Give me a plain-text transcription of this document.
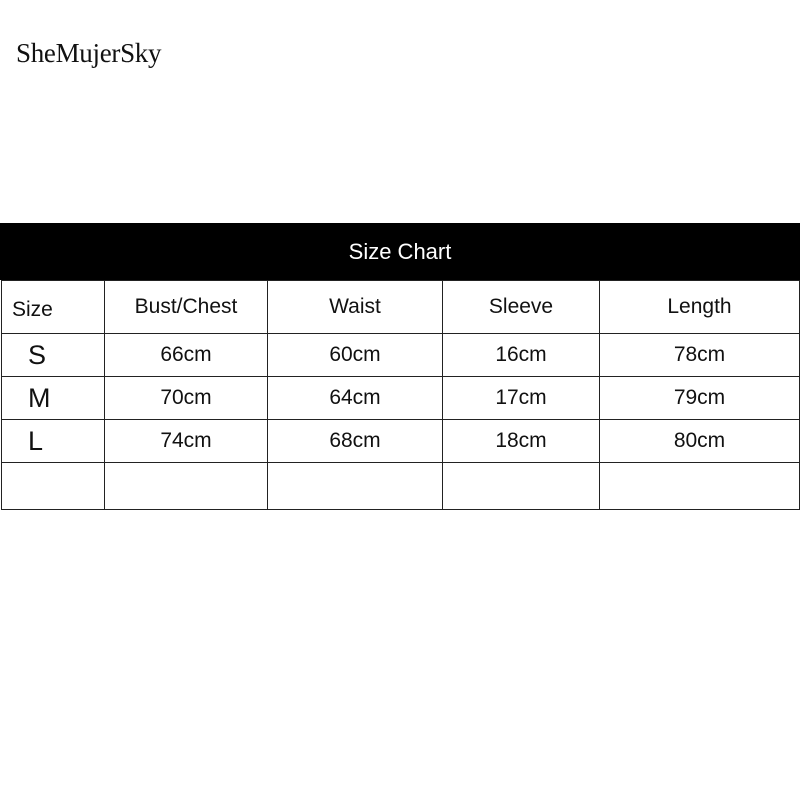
SheMujerSky
Size Chart
Size	Bust/Chest	Waist	Sleeve	Length
S	66cm	60cm	16cm	78cm
M	70cm	64cm	17cm	79cm
L	74cm	68cm	18cm	80cm
